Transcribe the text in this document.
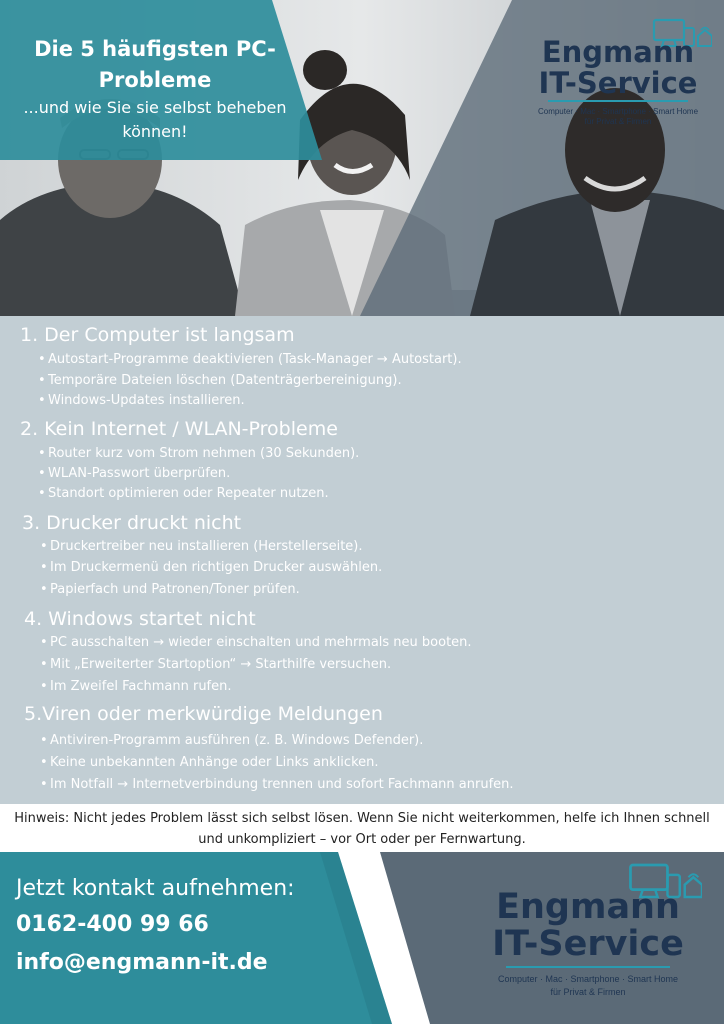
Die 5 häufigsten PC-Probleme
...und wie Sie sie selbst beheben können!
Engmann
IT-Service
Computer · Mac · Smartphone · Smart Home
für Privat & Firmen
1. Der Computer ist langsam
• Autostart-Programme deaktivieren (Task-Manager → Autostart).
• Temporäre Dateien löschen (Datenträgerbereinigung).
• Windows-Updates installieren.
2. Kein Internet / WLAN-Probleme
• Router kurz vom Strom nehmen (30 Sekunden).
• WLAN-Passwort überprüfen.
• Standort optimieren oder Repeater nutzen.
3. Drucker druckt nicht
• Druckertreiber neu installieren (Herstellerseite).
• Im Druckermenü den richtigen Drucker auswählen.
• Papierfach und Patronen/Toner prüfen.
4. Windows startet nicht
• PC ausschalten → wieder einschalten und mehrmals neu booten.
• Mit „Erweiterter Startoption“ → Starthilfe versuchen.
• Im Zweifel Fachmann rufen.
5.Viren oder merkwürdige Meldungen
• Antiviren-Programm ausführen (z. B. Windows Defender).
• Keine unbekannten Anhänge oder Links anklicken.
• Im Notfall → Internetverbindung trennen und sofort Fachmann anrufen.

Hinweis: Nicht jedes Problem lässt sich selbst lösen. Wenn Sie nicht weiterkommen, helfe ich Ihnen schnell und unkompliziert – vor Ort oder per Fernwartung.

Jetzt kontakt aufnehmen:
0162-400 99 66
info@engmann-it.de
Engmann
IT-Service
Computer · Mac · Smartphone · Smart Home
für Privat & Firmen
